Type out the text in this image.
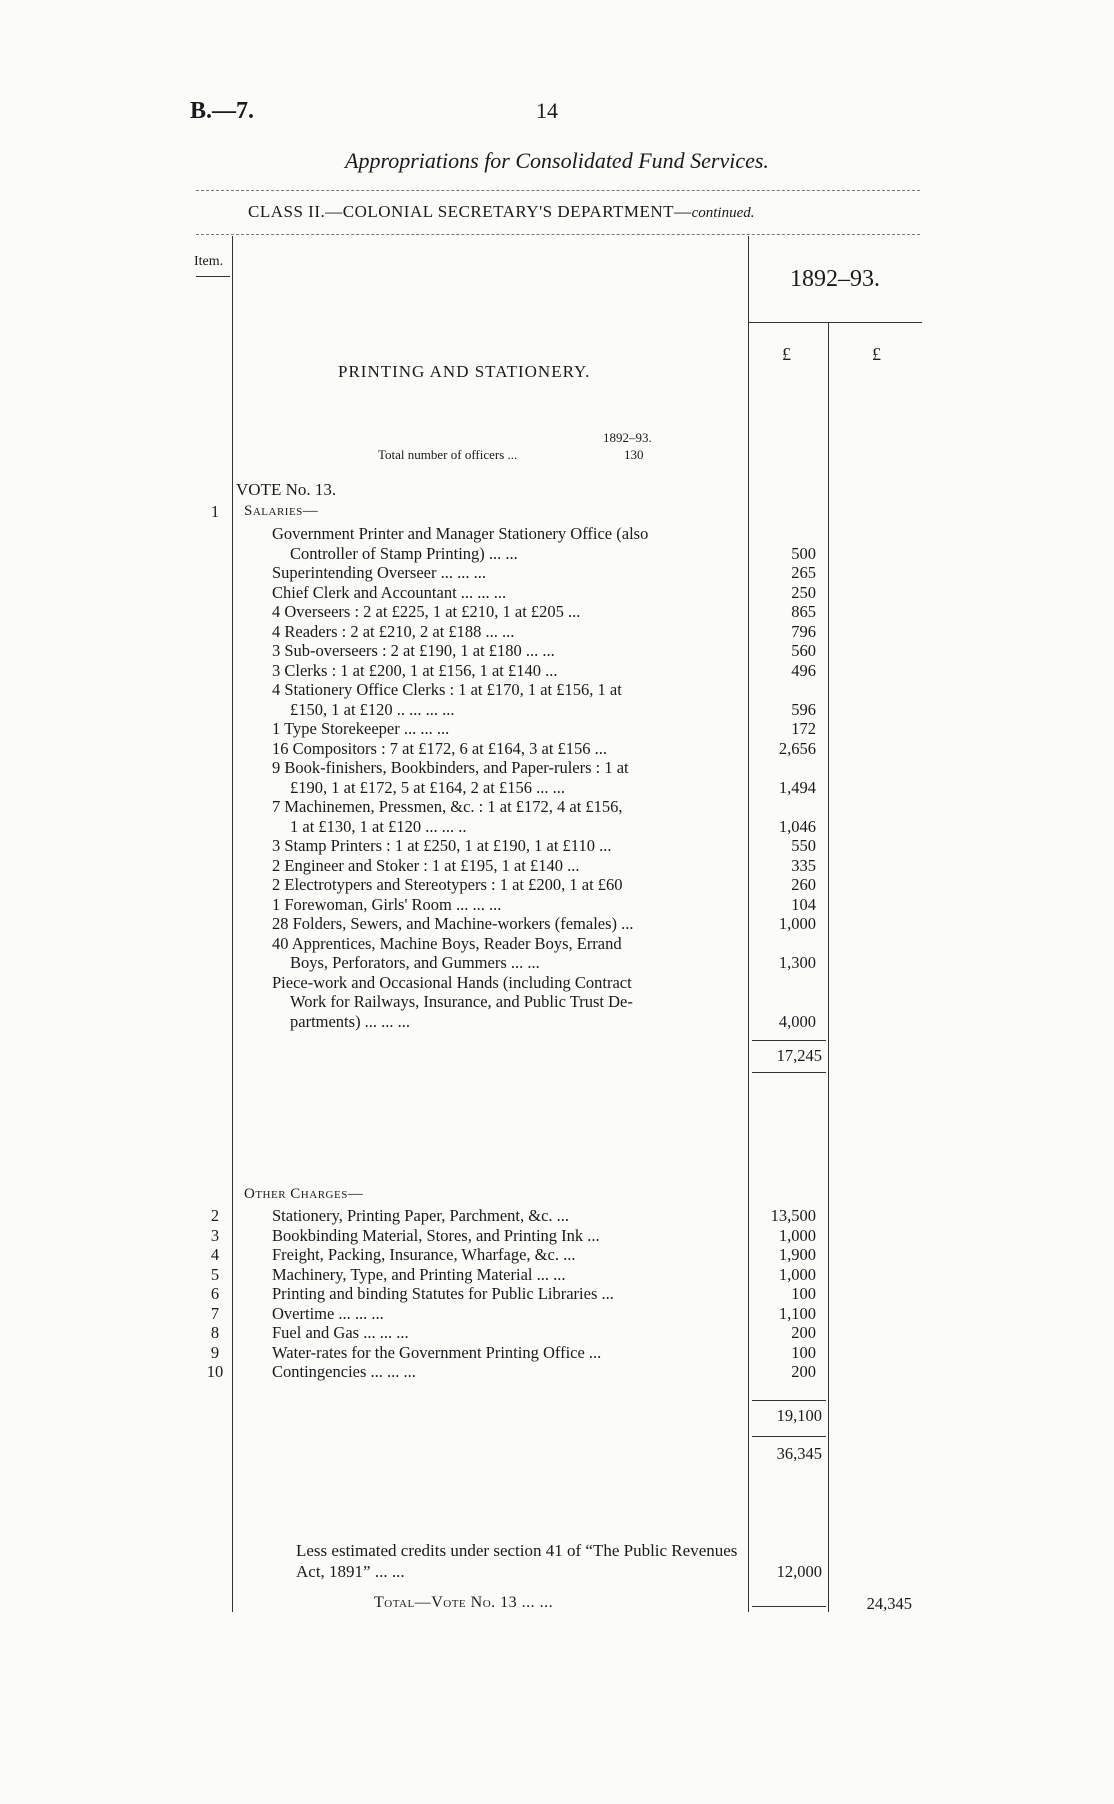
B.—7.	14
Appropriations for Consolidated Fund Services.
CLASS II.—COLONIAL SECRETARY'S DEPARTMENT—continued.
Item.
1892–93.
£	£
PRINTING AND STATIONERY.
1892–93.
Total number of officers ...	130
VOTE No. 13.
1	Salaries—
Government Printer and Manager Stationery Office (also
Controller of Stamp Printing) ... ...	500
Superintending Overseer ... ... ...	265
Chief Clerk and Accountant ... ... ...	250
4 Overseers : 2 at £225, 1 at £210, 1 at £205 ...	865
4 Readers : 2 at £210, 2 at £188 ... ...	796
3 Sub-overseers : 2 at £190, 1 at £180 ... ...	560
3 Clerks : 1 at £200, 1 at £156, 1 at £140 ...	496
4 Stationery Office Clerks : 1 at £170, 1 at £156, 1 at
£150, 1 at £120 .. ... ... ...	596
1 Type Storekeeper ... ... ...	172
16 Compositors : 7 at £172, 6 at £164, 3 at £156 ...	2,656
9 Book-finishers, Bookbinders, and Paper-rulers : 1 at
£190, 1 at £172, 5 at £164, 2 at £156 ... ...	1,494
7 Machinemen, Pressmen, &c. : 1 at £172, 4 at £156,
1 at £130, 1 at £120 ... ... ..	1,046
3 Stamp Printers : 1 at £250, 1 at £190, 1 at £110 ...	550
2 Engineer and Stoker : 1 at £195, 1 at £140 ...	335
2 Electrotypers and Stereotypers : 1 at £200, 1 at £60	260
1 Forewoman, Girls' Room ... ... ...	104
28 Folders, Sewers, and Machine-workers (females) ...	1,000
40 Apprentices, Machine Boys, Reader Boys, Errand
Boys, Perforators, and Gummers ... ...	1,300
Piece-work and Occasional Hands (including Contract
Work for Railways, Insurance, and Public Trust De-
partments) ... ... ...	4,000
17,245
Other Charges—
2	Stationery, Printing Paper, Parchment, &c. ...	13,500
3	Bookbinding Material, Stores, and Printing Ink ...	1,000
4	Freight, Packing, Insurance, Wharfage, &c. ...	1,900
5	Machinery, Type, and Printing Material ... ...	1,000
6	Printing and binding Statutes for Public Libraries ...	100
7	Overtime ... ... ...	1,100
8	Fuel and Gas ... ... ...	200
9	Water-rates for the Government Printing Office ...	100
10	Contingencies ... ... ...	200
19,100
36,345
Less estimated credits under section 41 of “The Public Revenues Act, 1891” ... ...	12,000
Total—Vote No. 13 ... ...	24,345
